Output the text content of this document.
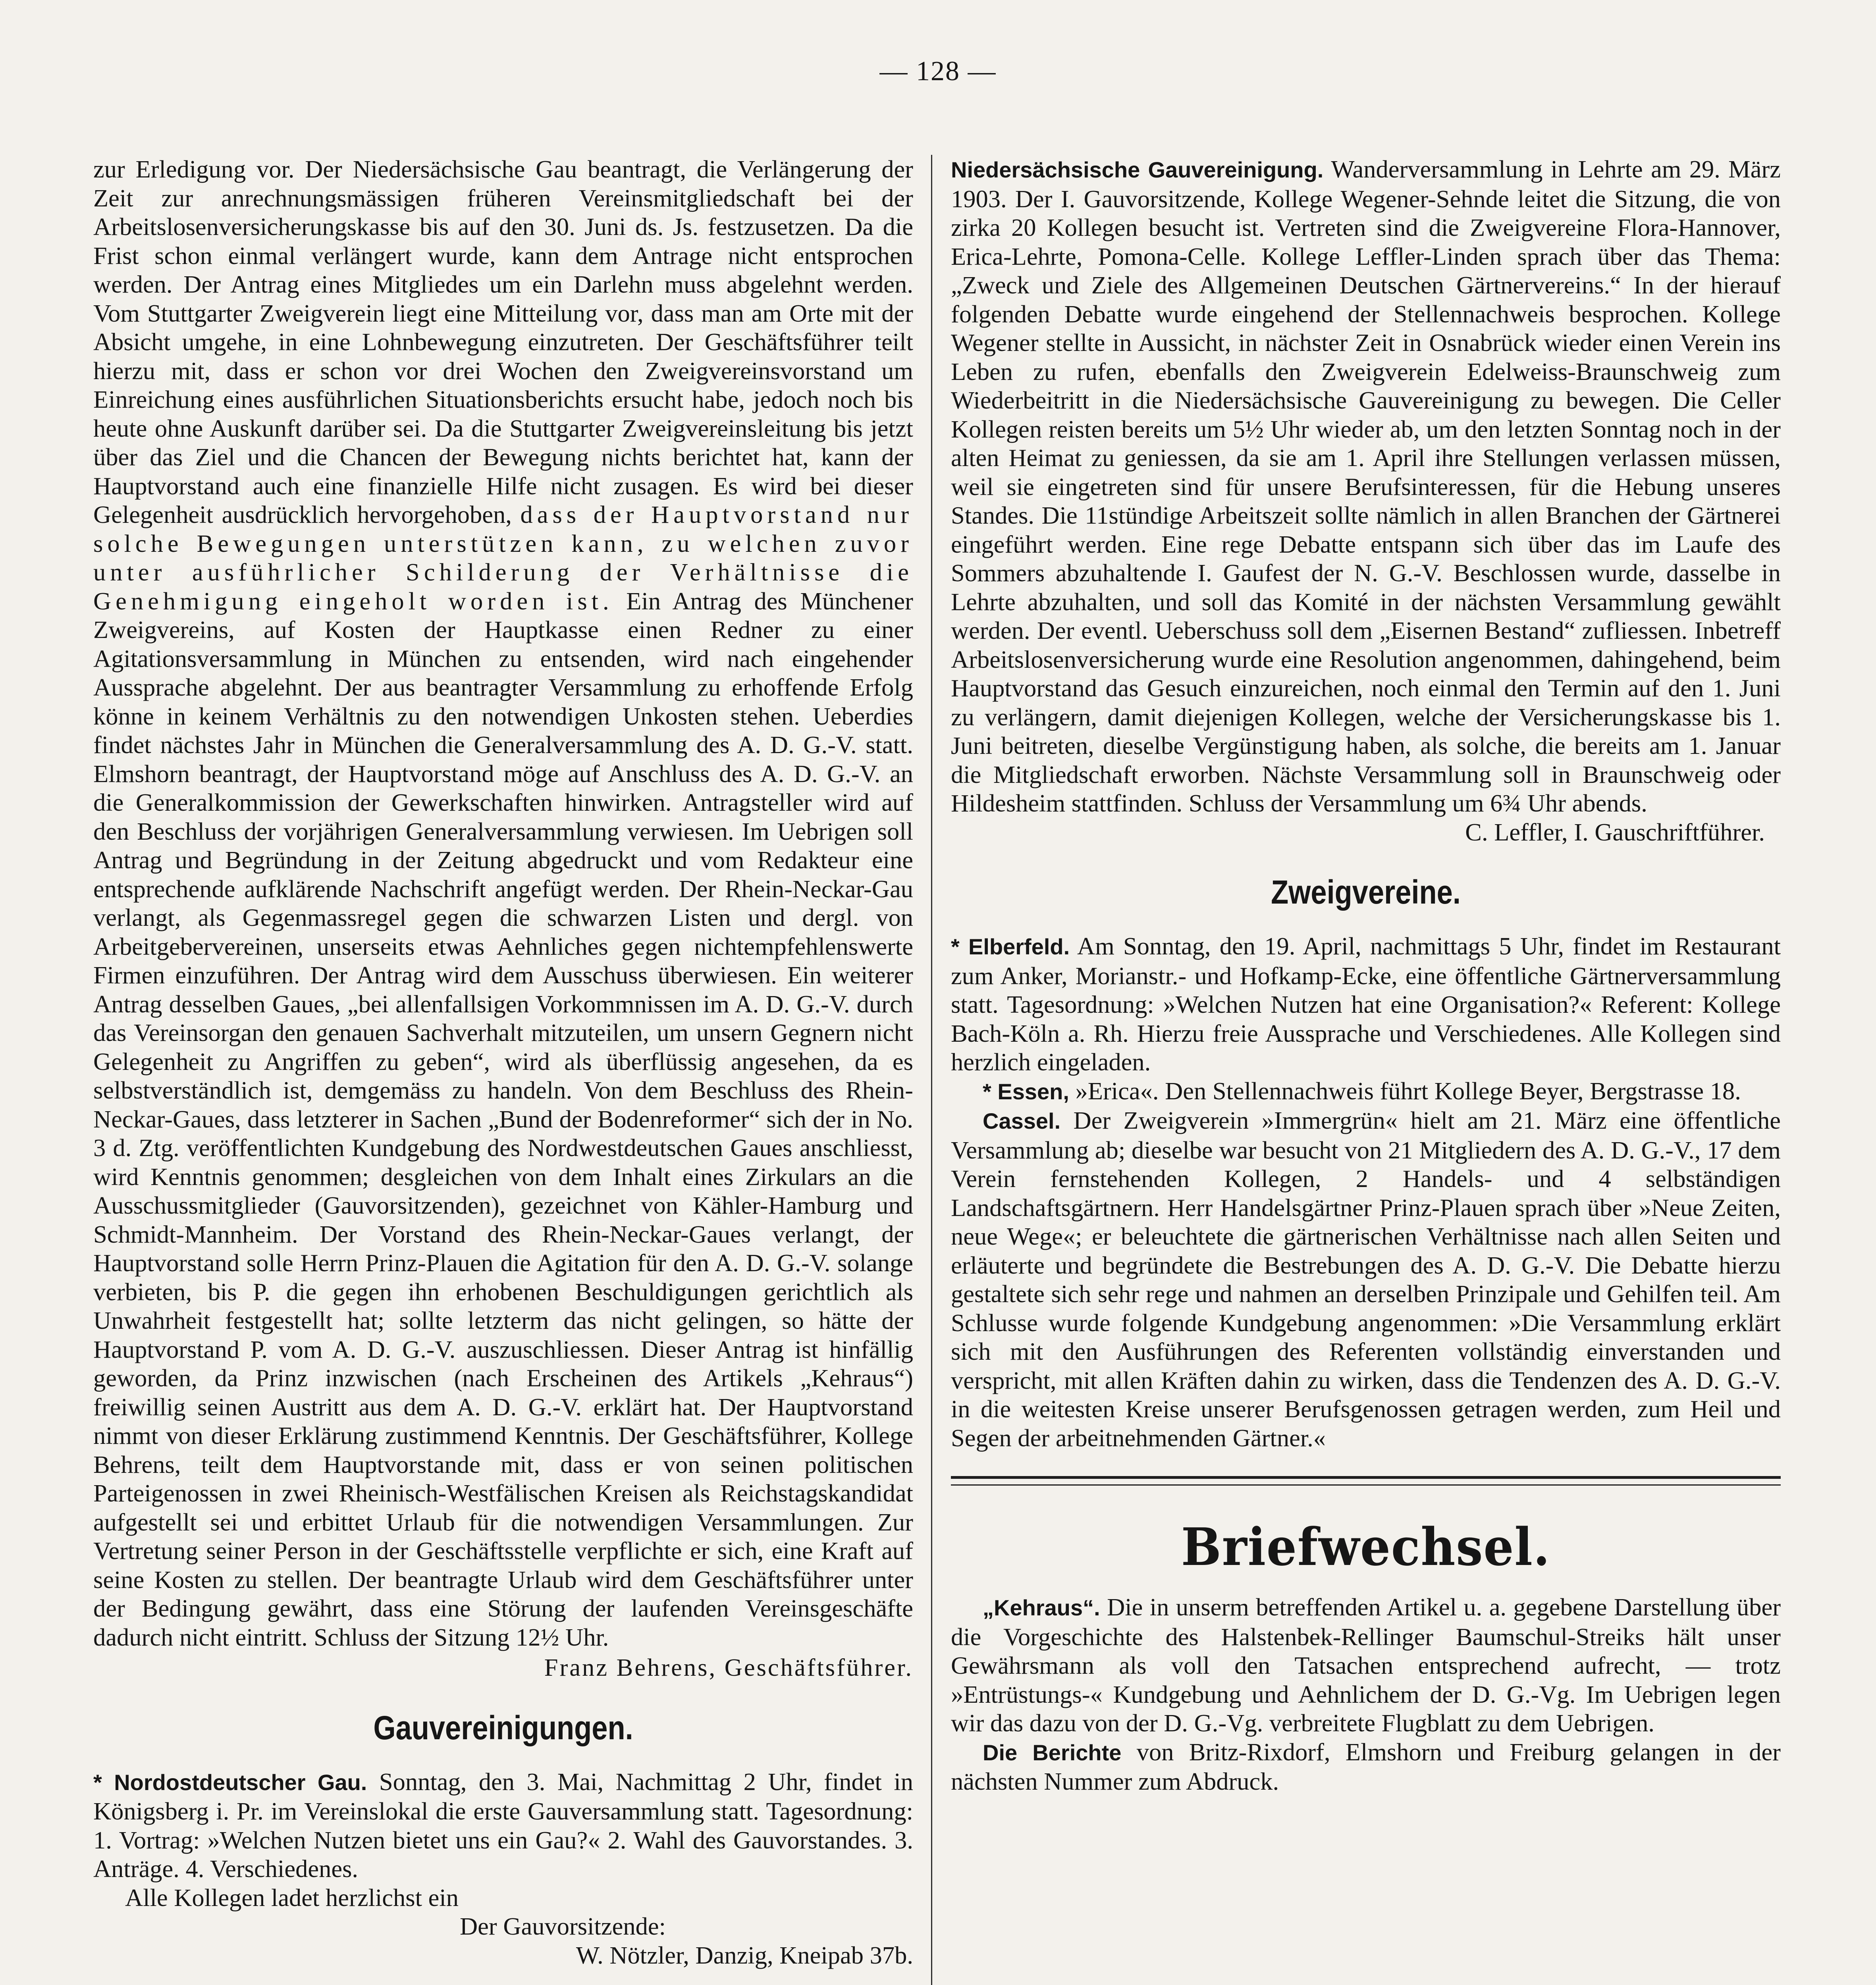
— 128 —

zur Erledigung vor. Der Niedersächsische Gau beantragt, die Verlängerung der Zeit zur anrechnungsmässigen früheren Vereinsmitgliedschaft bei der Arbeitslosenversicherungskasse bis auf den 30. Juni ds. Js. festzusetzen. Da die Frist schon einmal verlängert wurde, kann dem Antrage nicht entsprochen werden. Der Antrag eines Mitgliedes um ein Darlehn muss abgelehnt werden. Vom Stuttgarter Zweigverein liegt eine Mitteilung vor, dass man am Orte mit der Absicht umgehe, in eine Lohnbewegung einzutreten. Der Geschäftsführer teilt hierzu mit, dass er schon vor drei Wochen den Zweigvereinsvorstand um Einreichung eines ausführlichen Situationsberichts ersucht habe, jedoch noch bis heute ohne Auskunft darüber sei. Da die Stuttgarter Zweigvereinsleitung bis jetzt über das Ziel und die Chancen der Bewegung nichts berichtet hat, kann der Hauptvorstand auch eine finanzielle Hilfe nicht zusagen. Es wird bei dieser Gelegenheit ausdrücklich hervorgehoben, dass der Hauptvorstand nur solche Bewegungen unterstützen kann, zu welchen zuvor unter ausführlicher Schilderung der Verhältnisse die Genehmigung eingeholt worden ist. Ein Antrag des Münchener Zweigvereins, auf Kosten der Hauptkasse einen Redner zu einer Agitationsversammlung in München zu entsenden, wird nach eingehender Aussprache abgelehnt. Der aus beantragter Versammlung zu erhoffende Erfolg könne in keinem Verhältnis zu den notwendigen Unkosten stehen. Ueberdies findet nächstes Jahr in München die Generalversammlung des A. D. G.-V. statt. Elmshorn beantragt, der Hauptvorstand möge auf Anschluss des A. D. G.-V. an die Generalkommission der Gewerkschaften hinwirken. Antragsteller wird auf den Beschluss der vorjährigen Generalversammlung verwiesen. Im Uebrigen soll Antrag und Begründung in der Zeitung abgedruckt und vom Redakteur eine entsprechende aufklärende Nachschrift angefügt werden. Der Rhein-Neckar-Gau verlangt, als Gegenmassregel gegen die schwarzen Listen und dergl. von Arbeitgebervereinen, unserseits etwas Aehnliches gegen nichtempfehlenswerte Firmen einzuführen. Der Antrag wird dem Ausschuss überwiesen. Ein weiterer Antrag desselben Gaues, „bei allenfallsigen Vorkommnissen im A. D. G.-V. durch das Vereinsorgan den genauen Sachverhalt mitzuteilen, um unsern Gegnern nicht Gelegenheit zu Angriffen zu geben“, wird als überflüssig angesehen, da es selbstverständlich ist, demgemäss zu handeln. Von dem Beschluss des Rhein-Neckar-Gaues, dass letzterer in Sachen „Bund der Bodenreformer“ sich der in No. 3 d. Ztg. veröffentlichten Kundgebung des Nordwestdeutschen Gaues anschliesst, wird Kenntnis genommen; desgleichen von dem Inhalt eines Zirkulars an die Ausschussmitglieder (Gauvorsitzenden), gezeichnet von Kähler-Hamburg und Schmidt-Mannheim. Der Vorstand des Rhein-Neckar-Gaues verlangt, der Hauptvorstand solle Herrn Prinz-Plauen die Agitation für den A. D. G.-V. solange verbieten, bis P. die gegen ihn erhobenen Beschuldigungen gerichtlich als Unwahrheit festgestellt hat; sollte letzterm das nicht gelingen, so hätte der Hauptvorstand P. vom A. D. G.-V. auszuschliessen. Dieser Antrag ist hinfällig geworden, da Prinz inzwischen (nach Erscheinen des Artikels „Kehraus“) freiwillig seinen Austritt aus dem A. D. G.-V. erklärt hat. Der Hauptvorstand nimmt von dieser Erklärung zustimmend Kenntnis. Der Geschäftsführer, Kollege Behrens, teilt dem Hauptvorstande mit, dass er von seinen politischen Parteigenossen in zwei Rheinisch-Westfälischen Kreisen als Reichstagskandidat aufgestellt sei und erbittet Urlaub für die notwendigen Versammlungen. Zur Vertretung seiner Person in der Geschäftsstelle verpflichte er sich, eine Kraft auf seine Kosten zu stellen. Der beantragte Urlaub wird dem Geschäftsführer unter der Bedingung gewährt, dass eine Störung der laufenden Vereinsgeschäfte dadurch nicht eintritt. Schluss der Sitzung 12½ Uhr.

Franz Behrens, Geschäftsführer.

Gauvereinigungen.

* Nordostdeutscher Gau. Sonntag, den 3. Mai, Nachmittag 2 Uhr, findet in Königsberg i. Pr. im Vereinslokal die erste Gauversammlung statt. Tagesordnung: 1. Vortrag: »Welchen Nutzen bietet uns ein Gau?« 2. Wahl des Gauvorstandes. 3. Anträge. 4. Verschiedenes.

Alle Kollegen ladet herzlichst ein

Der Gauvorsitzende:

W. Nötzler, Danzig, Kneipab 37b.

Niedersächsische Gauvereinigung. Wanderversammlung in Lehrte am 29. März 1903. Der I. Gauvorsitzende, Kollege Wegener-Sehnde leitet die Sitzung, die von zirka 20 Kollegen besucht ist. Vertreten sind die Zweigvereine Flora-Hannover, Erica-Lehrte, Pomona-Celle. Kollege Leffler-Linden sprach über das Thema: „Zweck und Ziele des Allgemeinen Deutschen Gärtnervereins.“ In der hierauf folgenden Debatte wurde eingehend der Stellennachweis besprochen. Kollege Wegener stellte in Aussicht, in nächster Zeit in Osnabrück wieder einen Verein ins Leben zu rufen, ebenfalls den Zweigverein Edelweiss-Braunschweig zum Wiederbeitritt in die Niedersächsische Gauvereinigung zu bewegen. Die Celler Kollegen reisten bereits um 5½ Uhr wieder ab, um den letzten Sonntag noch in der alten Heimat zu geniessen, da sie am 1. April ihre Stellungen verlassen müssen, weil sie eingetreten sind für unsere Berufsinteressen, für die Hebung unseres Standes. Die 11stündige Arbeitszeit sollte nämlich in allen Branchen der Gärtnerei eingeführt werden. Eine rege Debatte entspann sich über das im Laufe des Sommers abzuhaltende I. Gaufest der N. G.-V. Beschlossen wurde, dasselbe in Lehrte abzuhalten, und soll das Komité in der nächsten Versammlung gewählt werden. Der eventl. Ueberschuss soll dem „Eisernen Bestand“ zufliessen. Inbetreff Arbeitslosenversicherung wurde eine Resolution angenommen, dahingehend, beim Hauptvorstand das Gesuch einzureichen, noch einmal den Termin auf den 1. Juni zu verlängern, damit diejenigen Kollegen, welche der Versicherungskasse bis 1. Juni beitreten, dieselbe Vergünstigung haben, als solche, die bereits am 1. Januar die Mitgliedschaft erworben. Nächste Versammlung soll in Braunschweig oder Hildesheim stattfinden. Schluss der Versammlung um 6¾ Uhr abends.

C. Leffler, I. Gauschriftführer.

Zweigvereine.

* Elberfeld. Am Sonntag, den 19. April, nachmittags 5 Uhr, findet im Restaurant zum Anker, Morianstr.- und Hofkamp-Ecke, eine öffentliche Gärtnerversammlung statt. Tagesordnung: »Welchen Nutzen hat eine Organisation?« Referent: Kollege Bach-Köln a. Rh. Hierzu freie Aussprache und Verschiedenes. Alle Kollegen sind herzlich eingeladen.

* Essen, »Erica«. Den Stellennachweis führt Kollege Beyer, Bergstrasse 18.

Cassel. Der Zweigverein »Immergrün« hielt am 21. März eine öffentliche Versammlung ab; dieselbe war besucht von 21 Mitgliedern des A. D. G.-V., 17 dem Verein fernstehenden Kollegen, 2 Handels- und 4 selbständigen Landschaftsgärtnern. Herr Handelsgärtner Prinz-Plauen sprach über »Neue Zeiten, neue Wege«; er beleuchtete die gärtnerischen Verhältnisse nach allen Seiten und erläuterte und begründete die Bestrebungen des A. D. G.-V. Die Debatte hierzu gestaltete sich sehr rege und nahmen an derselben Prinzipale und Gehilfen teil. Am Schlusse wurde folgende Kundgebung angenommen: »Die Versammlung erklärt sich mit den Ausführungen des Referenten vollständig einverstanden und verspricht, mit allen Kräften dahin zu wirken, dass die Tendenzen des A. D. G.-V. in die weitesten Kreise unserer Berufsgenossen getragen werden, zum Heil und Segen der arbeitnehmenden Gärtner.«

Briefwechsel.

„Kehraus“. Die in unserm betreffenden Artikel u. a. gegebene Darstellung über die Vorgeschichte des Halstenbek-Rellinger Baumschul-Streiks hält unser Gewährsmann als voll den Tatsachen entsprechend aufrecht, — trotz »Entrüstungs-« Kundgebung und Aehnlichem der D. G.-Vg. Im Uebrigen legen wir das dazu von der D. G.-Vg. verbreitete Flugblatt zu dem Uebrigen.

Die Berichte von Britz-Rixdorf, Elmshorn und Freiburg gelangen in der nächsten Nummer zum Abdruck.
